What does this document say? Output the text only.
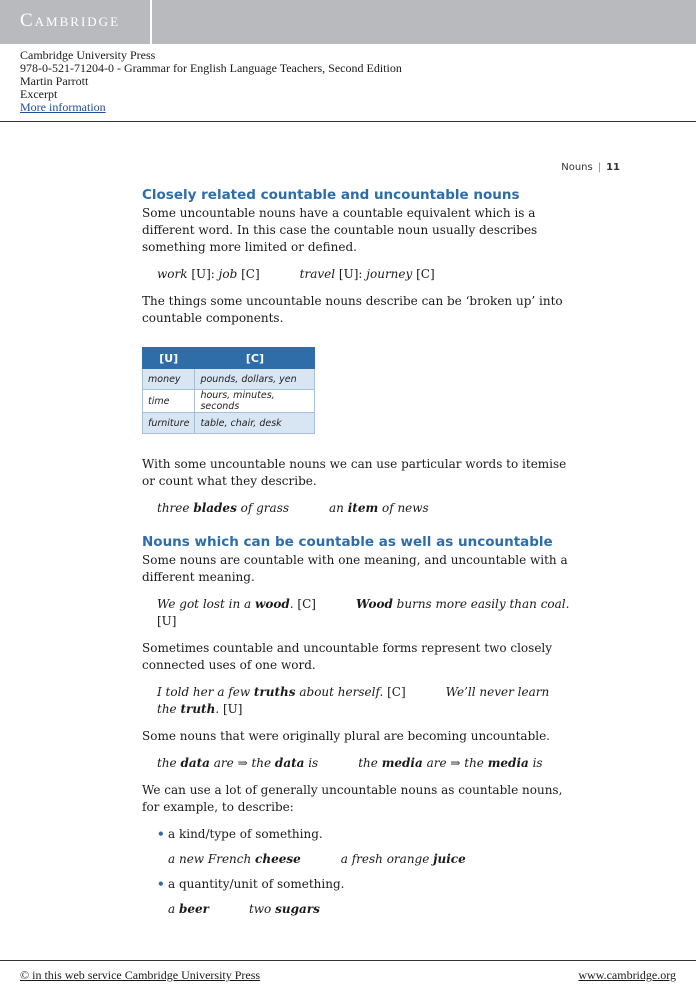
Cambridge
Cambridge University Press
978-0-521-71204-0 - Grammar for English Language Teachers, Second Edition
Martin Parrott
Excerpt
More information
Nouns | 11
Closely related countable and uncountable nouns

Some uncountable nouns have a countable equivalent which is a different word. In this case the countable noun usually describes something more limited or defined.

work [U]: job [C]	travel [U]: journey [C]

The things some uncountable nouns describe can be ‘broken up’ into countable components.

[U]	[C]
money	pounds, dollars, yen
time	hours, minutes, seconds
furniture	table, chair, desk

With some uncountable nouns we can use particular words to itemise or count what they describe.

three blades of grass	an item of news
Nouns which can be countable as well as uncountable

Some nouns are countable with one meaning, and uncountable with a different meaning.

We got lost in a wood. [C]	Wood burns more easily than coal. [U]

Sometimes countable and uncountable forms represent two closely connected uses of one word.

I told her a few truths about herself. [C]	We’ll never learn the truth. [U]

Some nouns that were originally plural are becoming uncountable.

the data are ⇒ the data is	the media are ⇒ the media is

We can use a lot of generally uncountable nouns as countable nouns, for example, to describe:

• a kind/type of something.
a new French cheese	a fresh orange juice
• a quantity/unit of something.
a beer	two sugars
© in this web service Cambridge University Press	www.cambridge.org
